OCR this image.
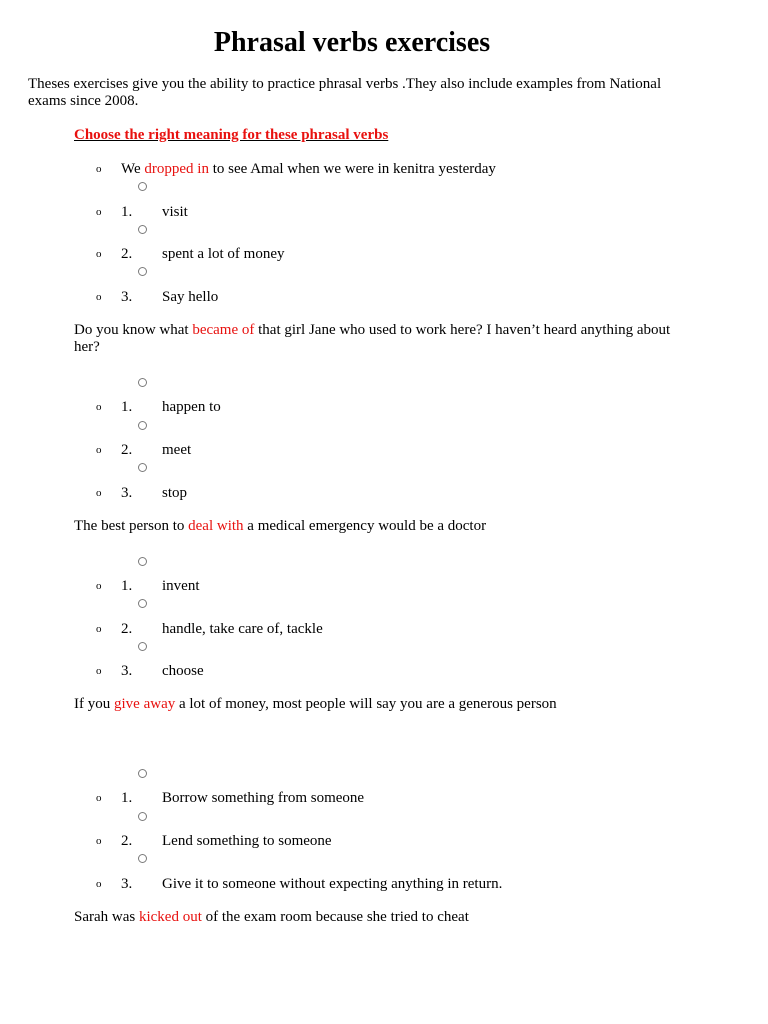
Phrasal verbs exercises

Theses exercises give you the ability to practice phrasal verbs .They also include examples from National exams since 2008.

Choose the right meaning for these phrasal verbs

o	We dropped in to see Amal when we were in kenitra yesterday
o	1.	visit
o	2.	spent a lot of money
o	3.	Say hello

Do you know what became of that girl Jane who used to work here? I haven’t heard anything about her?

o	1.	happen to
o	2.	meet
o	3.	stop

The best person to deal with a medical emergency would be a doctor

o	1.	invent
o	2.	handle, take care of, tackle
o	3.	choose

If you give away a lot of money, most people will say you are a generous person

o	1.	Borrow something from someone
o	2.	Lend something to someone
o	3.	Give it to someone without expecting anything in return.

Sarah was kicked out of the exam room because she tried to cheat
